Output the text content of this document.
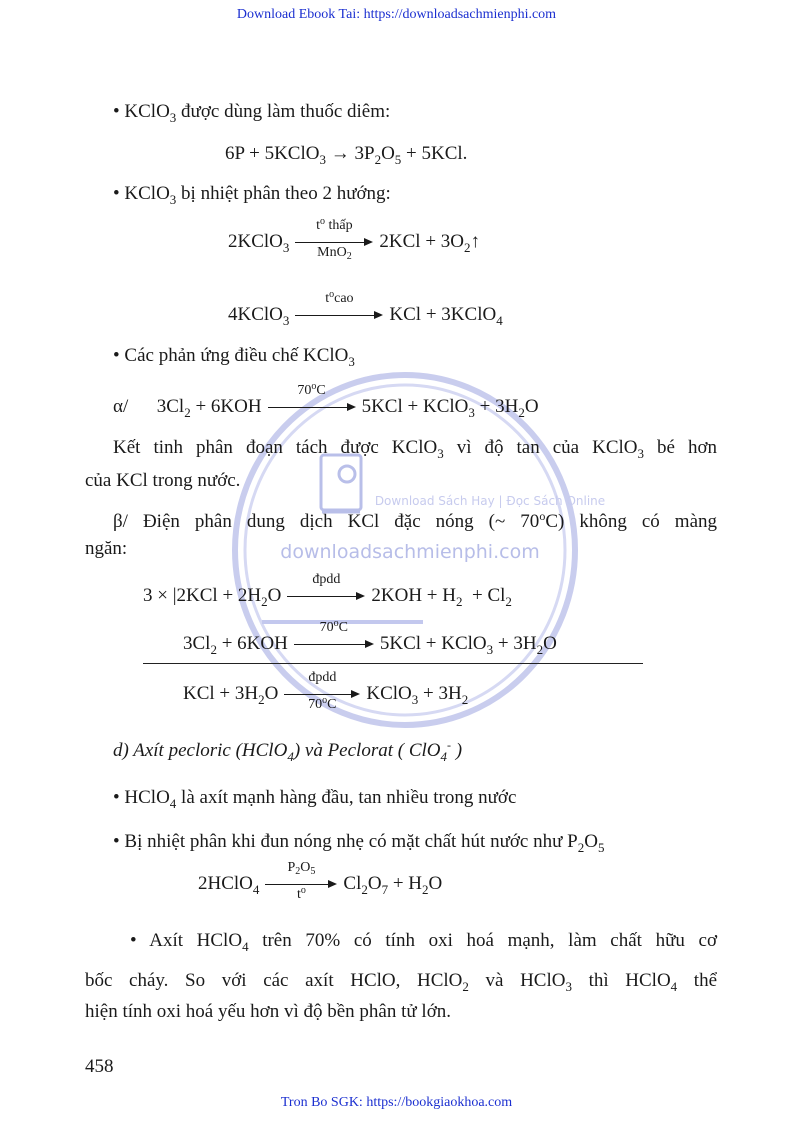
downloadsachmienphi.com
Download Sách Hay | Đọc Sách Online
Download Ebook Tai: https://downloadsachmienphi.com
• KClO$_3$ được dùng làm thuốc diêm:
6P + 5KClO$_3$ → $3P_2O_5 + 5KCl$.
• KClO$_3$ bị nhiệt phân theo 2 hướng:
2KClO$_3$
$t^o$ thấp
MnO$_2$
$2KCl + 3O_2↑$
4KClO$_3$
$t^ocao$
KCl + 3KClO$_4$
• Các phản ứng điều chế KClO$_3$
α/      $3Cl_2 + 6KOH$
70$^o$C
5KCl + KClO$_3$ + $3H_2O$
Kết tinh phân đoạn tách được KClO$_3$ vì độ tan của KClO$_3$ bé hơn
của KCl trong nước.
β/ Điện phân dung dịch KCl đặc nóng (~ 70$^o$C) không có màng
ngăn:
$3 \times |2KCl + 2H_2O$
đpdd
$2KOH + H_2 + Cl_2$
$3Cl_2 + 6KOH$
70$^o$C
5KCl + KClO$_3$ + $3H_2O$
KCl + $3H_2O$
đpdd
70$^o$C
KClO$_3$ + $3H_2$
d) Axít pecloric (HClO$_4$) và Peclorat ( ClO$_4$- )
• HClO$_4$ là axít mạnh hàng đầu, tan nhiều trong nước
• Bị nhiệt phân khi đun nóng nhẹ có mặt chất hút nước như $P_2O_5$
2HClO$_4$
$P_2O_5$
$t^o$	$Cl_2O_7 + H_2O$
• Axít HClO$_4$ trên 70% có tính oxi hoá mạnh, làm chất hữu cơ
bốc cháy. So với các axít HClO, HClO$_2$ và HClO$_3$ thì HClO$_4$ thể
hiện tính oxi hoá yếu hơn vì độ bền phân tử lớn.
458
Tron Bo SGK: https://bookgiaokhoa.com
